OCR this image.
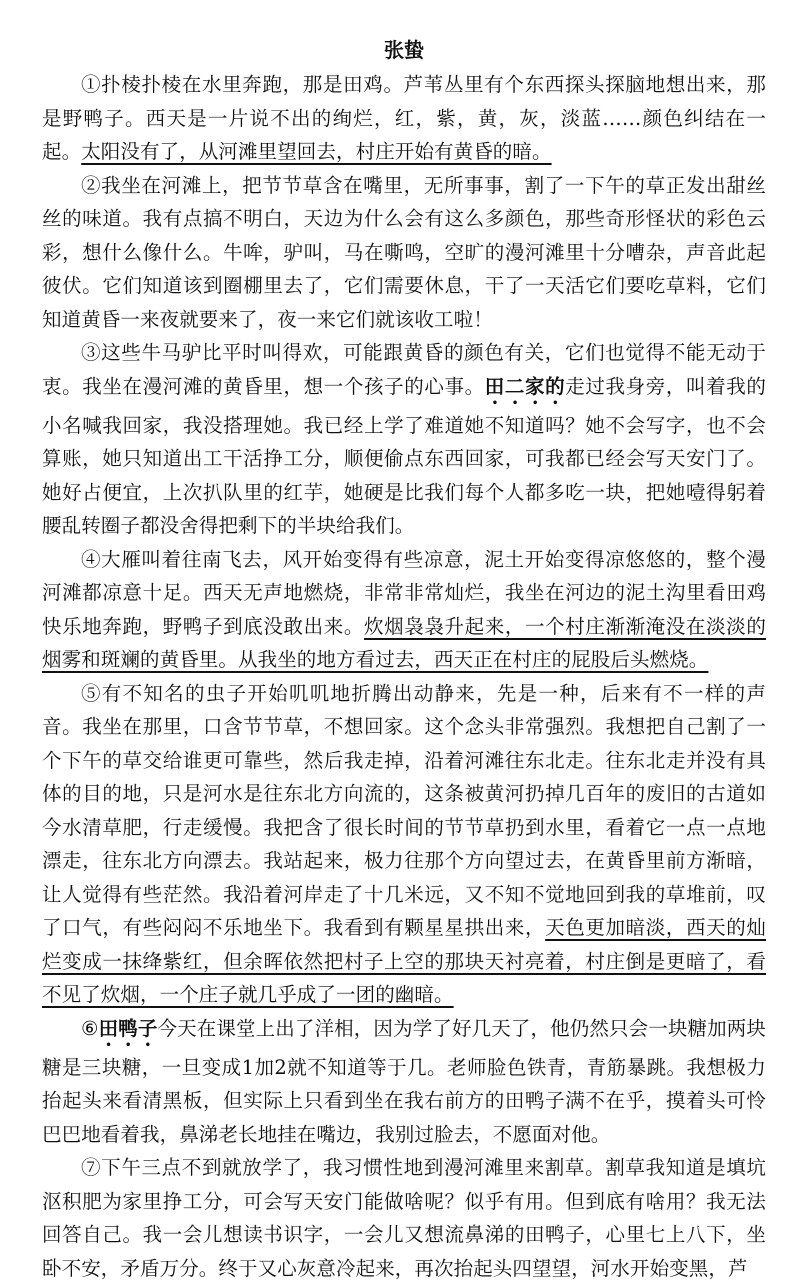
张蛰

①扑棱扑棱在水里奔跑，那是田鸡。芦苇丛里有个东西探头探脑地想出来，那是野鸭子。西天是一片说不出的绚烂，红，紫，黄，灰，淡蓝……颜色纠结在一起。太阳没有了，从河滩里望回去，村庄开始有黄昏的暗。

②我坐在河滩上，把节节草含在嘴里，无所事事，割了一下午的草正发出甜丝丝的味道。我有点搞不明白，天边为什么会有这么多颜色，那些奇形怪状的彩色云彩，想什么像什么。牛哞，驴叫，马在嘶鸣，空旷的漫河滩里十分嘈杂，声音此起彼伏。它们知道该到圈棚里去了，它们需要休息，干了一天活它们要吃草料，它们知道黄昏一来夜就要来了，夜一来它们就该收工啦！

③这些牛马驴比平时叫得欢，可能跟黄昏的颜色有关，它们也觉得不能无动于衷。我坐在漫河滩的黄昏里，想一个孩子的心事。田二家的走过我身旁，叫着我的小名喊我回家，我没搭理她。我已经上学了难道她不知道吗？她不会写字，也不会算账，她只知道出工干活挣工分，顺便偷点东西回家，可我都已经会写天安门了。她好占便宜，上次扒队里的红芋，她硬是比我们每个人都多吃一块，把她噎得躬着腰乱转圈子都没舍得把剩下的半块给我们。

④大雁叫着往南飞去，风开始变得有些凉意，泥土开始变得凉悠悠的，整个漫河滩都凉意十足。西天无声地燃烧，非常非常灿烂，我坐在河边的泥土沟里看田鸡快乐地奔跑，野鸭子到底没敢出来。炊烟袅袅升起来，一个村庄渐渐淹没在淡淡的烟雾和斑斓的黄昏里。从我坐的地方看过去，西天正在村庄的屁股后头燃烧。

⑤有不知名的虫子开始叽叽地折腾出动静来，先是一种，后来有不一样的声音。我坐在那里，口含节节草，不想回家。这个念头非常强烈。我想把自己割了一个下午的草交给谁更可靠些，然后我走掉，沿着河滩往东北走。往东北走并没有具体的目的地，只是河水是往东北方向流的，这条被黄河扔掉几百年的废旧的古道如今水清草肥，行走缓慢。我把含了很长时间的节节草扔到水里，看着它一点一点地漂走，往东北方向漂去。我站起来，极力往那个方向望过去，在黄昏里前方渐暗，让人觉得有些茫然。我沿着河岸走了十几米远，又不知不觉地回到我的草堆前，叹了口气，有些闷闷不乐地坐下。我看到有颗星星拱出来，天色更加暗淡，西天的灿烂变成一抹绛紫红，但余晖依然把村子上空的那块天衬亮着，村庄倒是更暗了，看不见了炊烟，一个庄子就几乎成了一团的幽暗。

⑥田鸭子今天在课堂上出了洋相，因为学了好几天了，他仍然只会一块糖加两块糖是三块糖，一旦变成1加2就不知道等于几。老师脸色铁青，青筋暴跳。我想极力抬起头来看清黑板，但实际上只看到坐在我右前方的田鸭子满不在乎，摸着头可怜巴巴地看着我，鼻涕老长地挂在嘴边，我别过脸去，不愿面对他。

⑦下午三点不到就放学了，我习惯性地到漫河滩里来割草。割草我知道是填坑沤积肥为家里挣工分，可会写天安门能做啥呢？似乎有用。但到底有啥用？我无法回答自己。我一会儿想读书识字，一会儿又想流鼻涕的田鸭子，心里七上八下，坐卧不安，矛盾万分。终于又心灰意冷起来，再次抬起头四望望，河水开始变黑，芦
